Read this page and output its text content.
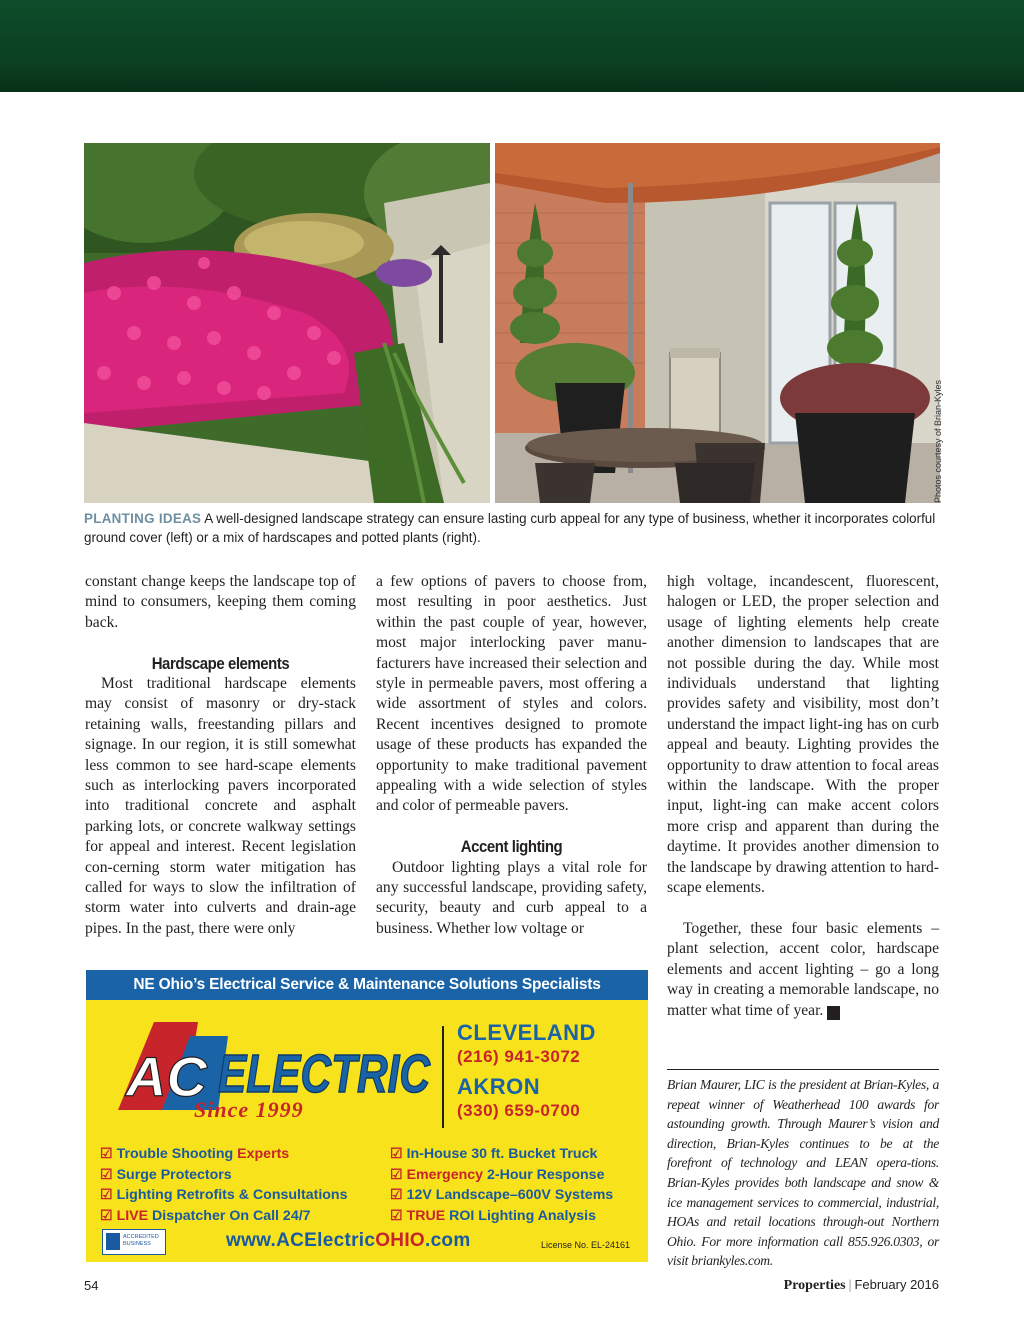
Photos courtesy of Brian-Kyles
PLANTING IDEAS A well-designed landscape strategy can ensure lasting curb appeal for any type of business, whether it incorporates colorful ground cover (left) or a mix of hardscapes and potted plants (right).

constant change keeps the landscape top of mind to consumers, keeping them coming back.

Hardscape elements

Most traditional hardscape elements may consist of masonry or dry-stack retaining walls, freestanding pillars and signage. In our region, it is still somewhat less common to see hard-scape elements such as interlocking pavers incorporated into traditional concrete and asphalt parking lots, or concrete walkway settings for appeal and interest. Recent legislation con-cerning storm water mitigation has called for ways to slow the infiltration of storm water into culverts and drain-age pipes. In the past, there were only

a few options of pavers to choose from, most resulting in poor aesthetics. Just within the past couple of year, however, most major interlocking paver manu-facturers have increased their selection and style in permeable pavers, most offering a wide assortment of styles and colors. Recent incentives designed to promote usage of these products has expanded the opportunity to make traditional pavement appealing with a wide selection of styles and color of permeable pavers.

Accent lighting

Outdoor lighting plays a vital role for any successful landscape, providing safety, security, beauty and curb appeal to a business. Whether low voltage or

high voltage, incandescent, fluorescent, halogen or LED, the proper selection and usage of lighting elements help create another dimension to landscapes that are not possible during the day. While most individuals understand that lighting provides safety and visibility, most don’t understand the impact light-ing has on curb appeal and beauty. Lighting provides the opportunity to draw attention to focal areas within the landscape. With the proper input, light-ing can make accent colors more crisp and apparent than during the daytime. It provides another dimension to the landscape by drawing attention to hard-scape elements.

Together, these four basic elements – plant selection, accent color, hardscape elements and accent lighting – go a long way in creating a memorable landscape, no matter what time of year. P

Brian Maurer, LIC is the president at Brian-Kyles, a repeat winner of Weatherhead 100 awards for astounding growth. Through Maurer’s vision and direction, Brian-Kyles continues to be at the forefront of technology and LEAN opera-tions. Brian-Kyles provides both landscape and snow & ice management services to commercial, industrial, HOAs and retail locations through-out Northern Ohio. For more information call 855.926.0303, or visit briankyles.com.
NE Ohio’s Electrical Service & Maintenance Solutions Specialists
AC ELECTRIC
Since 1999
CLEVELAND
(216) 941-3072
AKRON
(330) 659-0700
☑ Trouble Shooting Experts
☑ Surge Protectors
☑ Lighting Retrofits & Consultations
☑ LIVE Dispatcher On Call 24/7
☑ In-House 30 ft. Bucket Truck
☑ Emergency 2-Hour Response
☑ 12V Landscape–600V Systems
☑ TRUE ROI Lighting Analysis
ACCREDITED BUSINESS	www.ACElectricOHIO.com	License No. EL-24161
54	Properties | February 2016
